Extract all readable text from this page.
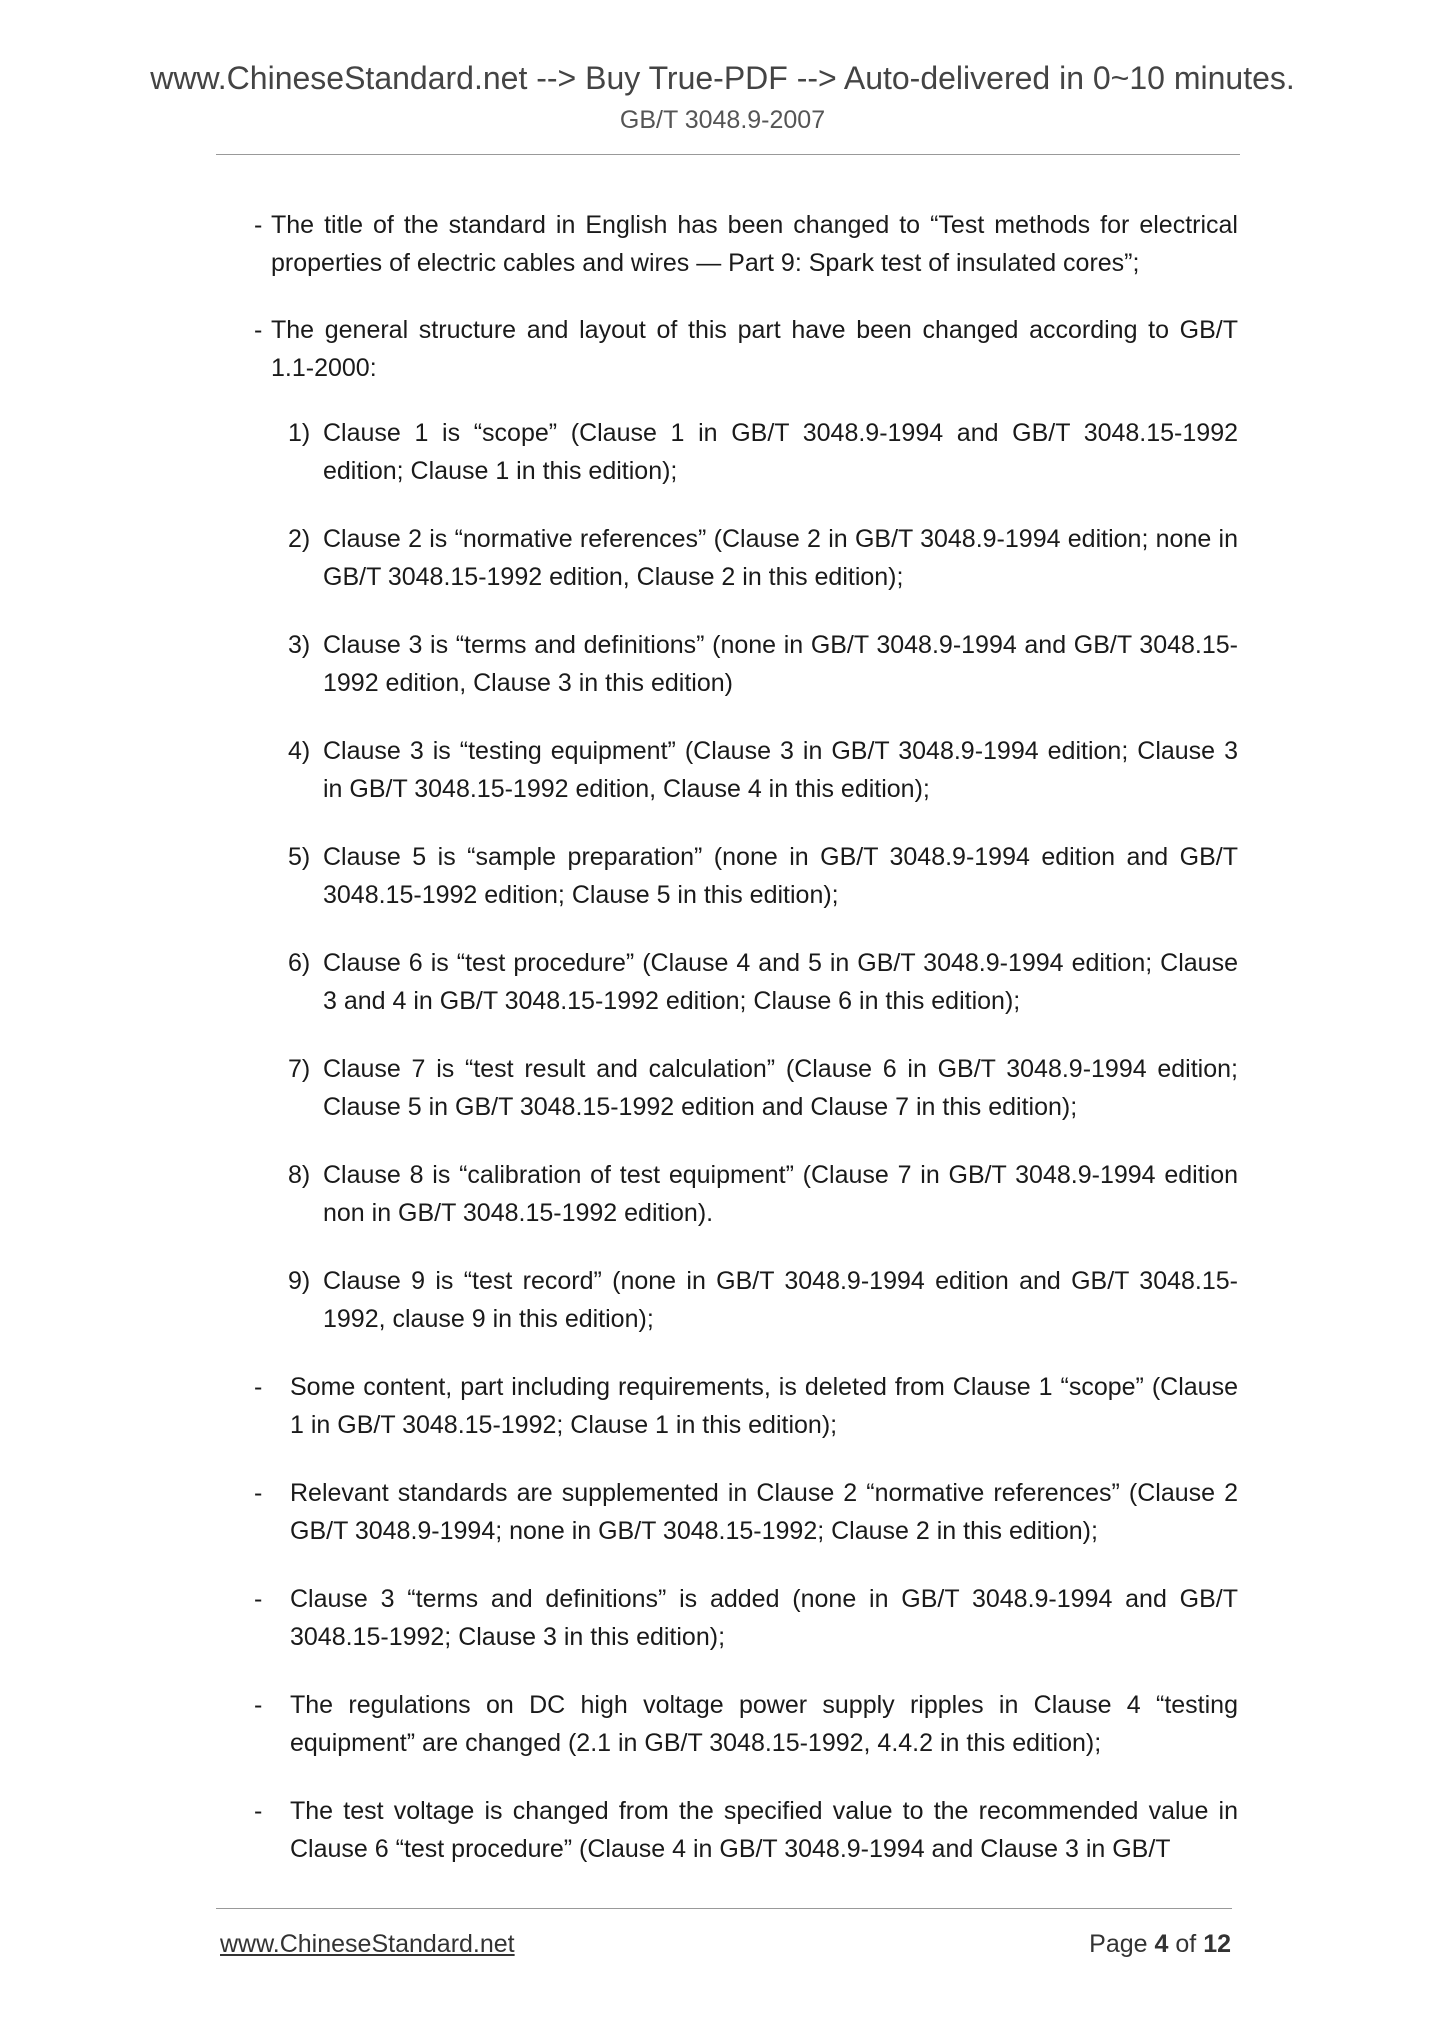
www.ChineseStandard.net --> Buy True-PDF --> Auto-delivered in 0~10 minutes.
GB/T 3048.9-2007
- The title of the standard in English has been changed to “Test methods for electrical properties of electric cables and wires — Part 9: Spark test of insulated cores”;
- The general structure and layout of this part have been changed according to GB/T 1.1-2000:
1) Clause 1 is “scope” (Clause 1 in GB/T 3048.9-1994 and GB/T 3048.15-1992 edition; Clause 1 in this edition);
2) Clause 2 is “normative references” (Clause 2 in GB/T 3048.9-1994 edition; none in GB/T 3048.15-1992 edition, Clause 2 in this edition);
3) Clause 3 is “terms and definitions” (none in GB/T 3048.9-1994 and GB/T 3048.15-1992 edition, Clause 3 in this edition)
4) Clause 3 is “testing equipment” (Clause 3 in GB/T 3048.9-1994 edition; Clause 3 in GB/T 3048.15-1992 edition, Clause 4 in this edition);
5) Clause 5 is “sample preparation” (none in GB/T 3048.9-1994 edition and GB/T 3048.15-1992 edition; Clause 5 in this edition);
6) Clause 6 is “test procedure” (Clause 4 and 5 in GB/T 3048.9-1994 edition; Clause 3 and 4 in GB/T 3048.15-1992 edition; Clause 6 in this edition);
7) Clause 7 is “test result and calculation” (Clause 6 in GB/T 3048.9-1994 edition; Clause 5 in GB/T 3048.15-1992 edition and Clause 7 in this edition);
8) Clause 8 is “calibration of test equipment” (Clause 7 in GB/T 3048.9-1994 edition non in GB/T 3048.15-1992 edition).
9) Clause 9 is “test record” (none in GB/T 3048.9-1994 edition and GB/T 3048.15-1992, clause 9 in this edition);
-	Some content, part including requirements, is deleted from Clause 1 “scope” (Clause 1 in GB/T 3048.15-1992; Clause 1 in this edition);
-	Relevant standards are supplemented in Clause 2 “normative references” (Clause 2 GB/T 3048.9-1994; none in GB/T 3048.15-1992; Clause 2 in this edition);
-	Clause 3 “terms and definitions” is added (none in GB/T 3048.9-1994 and GB/T 3048.15-1992; Clause 3 in this edition);
-	The regulations on DC high voltage power supply ripples in Clause 4 “testing equipment” are changed (2.1 in GB/T 3048.15-1992, 4.4.2 in this edition);
-	The test voltage is changed from the specified value to the recommended value in Clause 6 “test procedure” (Clause 4 in GB/T 3048.9-1994 and Clause 3 in GB/T
www.ChineseStandard.net	Page 4 of 12
